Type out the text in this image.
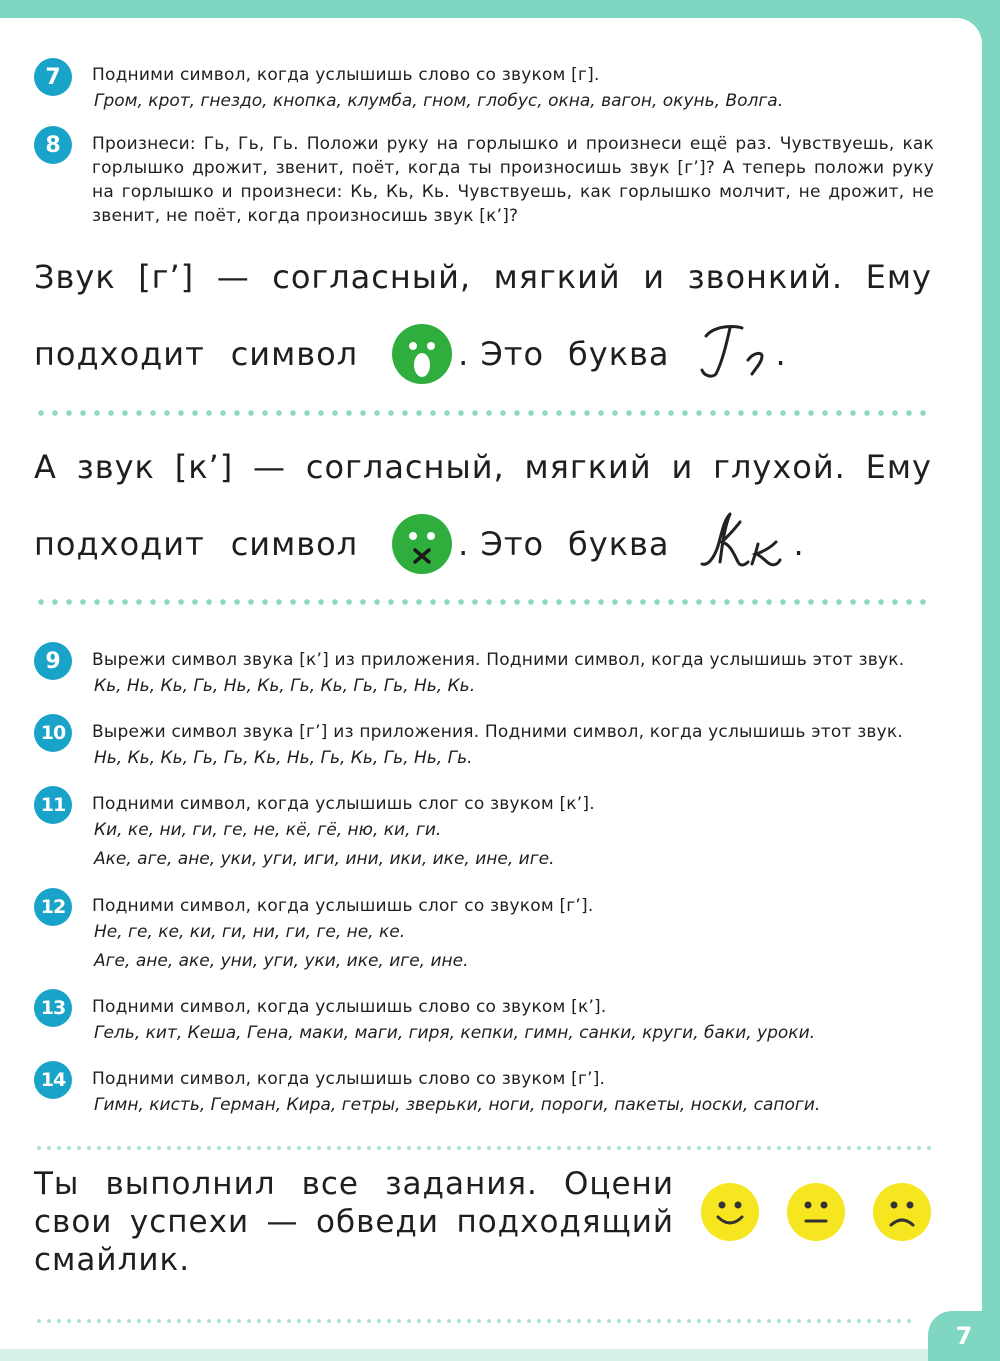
7	Подними символ, когда услышишь слово со звуком [г].
Гром, крот, гнездо, кнопка, клумба, гном, глобус, окна, вагон, окунь, Волга.
8	Произнеси: Гь, Гь, Гь. Положи руку на горлышко и произнеси ещё раз. Чувствуешь, как горлышко дрожит, звенит, поёт, когда ты произносишь звук [г’]? А теперь положи руку на горлышко и произнеси: Кь, Кь, Кь. Чувствуешь, как горлышко молчит, не дрожит, не звенит, не поёт, когда произносишь звук [к’]?
Звук [г’] — согласный, мягкий и звонкий. Ему
подходит символ	. Это буква	.
А звук [к’] — согласный, мягкий и глухой. Ему
подходит символ	. Это буква	.
9	Вырежи символ звука [к’] из приложения. Подними символ, когда услышишь этот звук.
Кь, Нь, Кь, Гь, Нь, Кь, Гь, Кь, Гь, Гь, Нь, Кь.
10	Вырежи символ звука [г’] из приложения. Подними символ, когда услышишь этот звук.
Нь, Кь, Кь, Гь, Гь, Кь, Нь, Гь, Кь, Гь, Нь, Гь.
11	Подними символ, когда услышишь слог со звуком [к’].
Ки, ке, ни, ги, ге, не, кё, гё, ню, ки, ги.
Аке, аге, ане, уки, уги, иги, ини, ики, ике, ине, иге.
12	Подними символ, когда услышишь слог со звуком [г’].
Не, ге, ке, ки, ги, ни, ги, ге, не, ке.
Аге, ане, аке, уни, уги, уки, ике, иге, ине.
13	Подними символ, когда услышишь слово со звуком [к’].
Гель, кит, Кеша, Гена, маки, маги, гиря, кепки, гимн, санки, круги, баки, уроки.
14	Подними символ, когда услышишь слово со звуком [г’].
Гимн, кисть, Герман, Кира, гетры, зверьки, ноги, пороги, пакеты, носки, сапоги.
Ты выполнил все задания. Оцени
свои успехи — обведи подходящий
смайлик.
7
